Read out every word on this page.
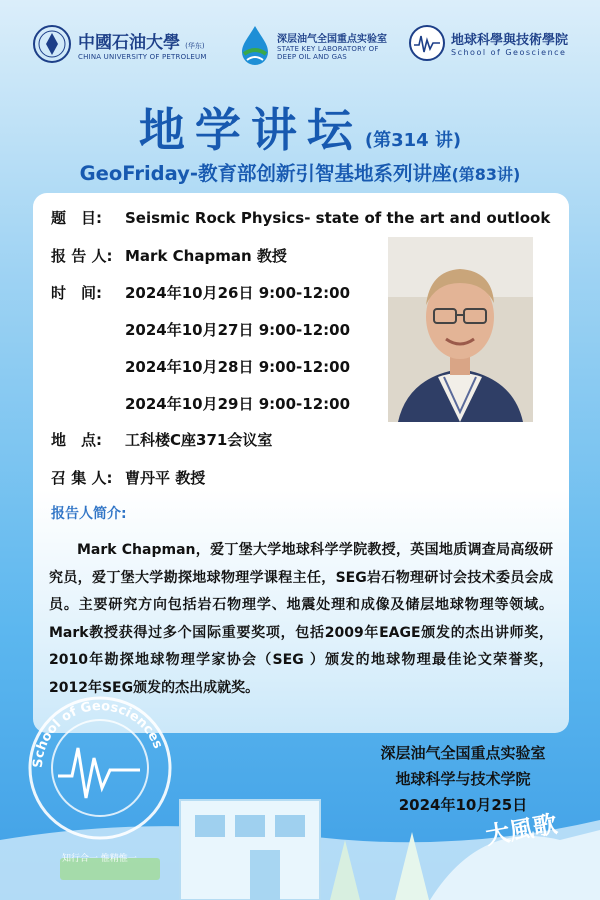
中國石油大學 (华东)
CHINA UNIVERSITY OF PETROLEUM
深层油气全国重点实验室
STATE KEY LABORATORY OF
DEEP OIL AND GAS
地球科學與技術學院
School of Geoscience
地学讲坛 (第314 讲)
GeoFriday-教育部创新引智基地系列讲座(第83讲)
题　目: Seismic Rock Physics- state of the art and outlook
报 告 人: Mark Chapman 教授
时　间: 2024年10月26日 9:00-12:00
2024年10月27日 9:00-12:00
2024年10月28日 9:00-12:00
2024年10月29日 9:00-12:00
地　点: 工科楼C座371会议室
召 集 人: 曹丹平 教授
报告人简介:
Mark Chapman，爱丁堡大学地球科学学院教授，英国地质调查局高级研究员，爱丁堡大学勘探地球物理学课程主任，SEG岩石物理研讨会技术委员会成员。主要研究方向包括岩石物理学、地震处理和成像及储层地球物理等领域。Mark教授获得过多个国际重要奖项，包括2009年EAGE颁发的杰出讲师奖，2010年勘探地球物理学家协会（SEG ）颁发的地球物理最佳论文荣誉奖，2012年SEG颁发的杰出成就奖。
深层油气全国重点实验室
地球科学与技术学院
2024年10月25日
School of Geosciences
知行合一 惟精惟一
大風歌
